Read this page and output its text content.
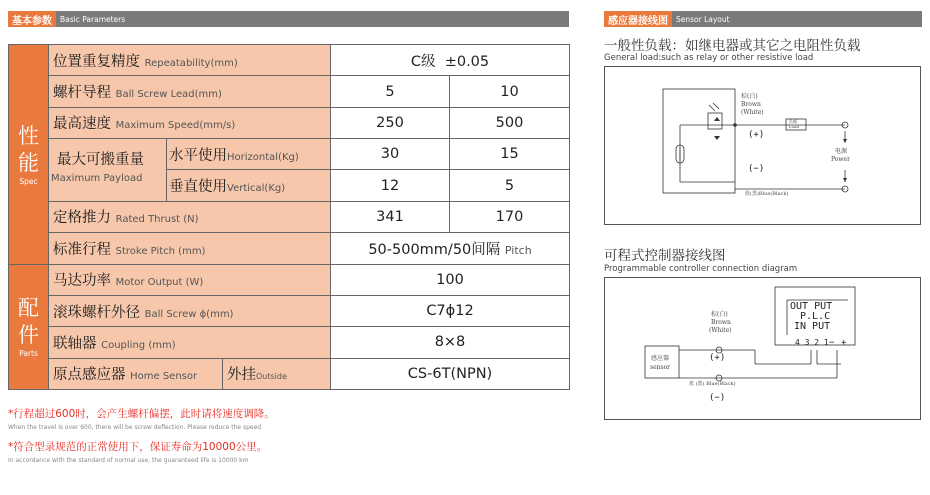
基本参数	Basic Parameters	感应器接线图	Sensor Layout
性
能
Spec	位置重复精度 Repeatability(mm)			C级 ±0.05	
	螺杆导程 Ball Screw Lead(mm)			5	10
	最高速度 Maximum Speed(mm/s)			250	500
	最大可搬重量
Maximum Payload	水平使用Horizontal(Kg)		30	15
		垂直使用Vertical(Kg)		12	5
	定格推力 Rated Thrust (N)			341	170
	标准行程 Stroke Pitch (mm)			50-500mm/50间隔 Pitch	

配
件
Parts	马达功率 Motor Output (W)			100	
	滚珠螺杆外径 Ball Screw ϕ(mm)			C7ϕ12	
	联轴器 Coupling (mm)			8×8	
	原点感应器 Home Sensor		外挂Outside	CS-6T(NPN)	
*行程超过600时，会产生螺杆偏摆，此时请将速度调降。
When the travel is over 600, there will be screw deflection. Please reduce the speed
*符合型录规范的正常使用下，保证寿命为10000公里。
In accordance with the standard of normal use, the guaranteed life is 10000 km
一般性负载：如继电器或其它之电阻性负载
General load:such as relay or other resistive load
棕(白)
Brown
(White)
(+)
(−)
负载
Load
电源
Power
蓝(黑)Blue(Black)
可程式控制器接线图
Programmable controller connection diagram
OUT PUT
P.L.C
IN PUT
4 3 2 1 − +
棕(白)
Brown
(White)
(+)
(−)
感应器
sensor
蓝 (黑) Blue(Black)
